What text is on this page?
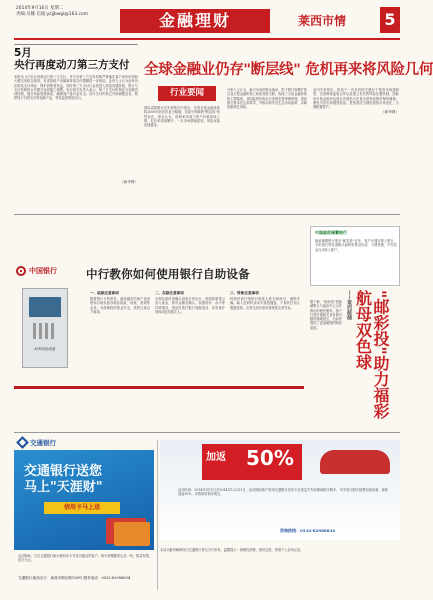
2014年9月16日 星期二
责编:吴娜 信箱:yzjjbwgl@163.com	金融理财	莱西市情 5
5月
央行再度动刀第三方支付
本报讯 5月央行再度动刀第三方支付，责令各第三方支付机构严格落实客户身份识别和大额交易报告制度，对虚拟账户余额和单笔支付限额进一步规范。业内人士认为此举旨在防范支付风险、保护消费者权益，同时第三方支付行业将进入规范发展阶段，银行与支付机构的合作模式也将随之调整。央行相关负责人表示，第三方支付机构应当加强内部控制，健全风险管理体系，确保客户备付金安全。部分支付机构已开始调整业务，暂停线下扫码支付等创新产品，等待监管细则出台。
（新华网）
全球金融业仍存"断层线" 危机再来将风险几何
行业要闻
国际清算银行在年度报告中指出，尽管全球金融体系较2008年危机时更为稳健，但部分领域的"断层线"依然存在。报告认为，低利率环境下资产价格持续上涨，杠杆率再度攀升，一旦市场情绪逆转，风险可能迅速蔓延。
分析人士认为，新兴市场的资本流动、影子银行规模扩张以及大型金融机构之间的高度关联，构成了当前金融体系的主要隐患。各国监管机构正在加强宏观审慎管理，提高银行资本充足率要求，并推动场外衍生品市场改革，以降低系统性风险。
业内专家指出，防范下一次危机的关键在于提高市场透明度、完善跨境监管合作以及建立有效的风险处置机制。国际货币基金组织也建议各国央行在退出宽松政策时保持谨慎，避免引发市场剧烈波动。投资者应当理性看待市场变化，合理配置资产。
（新华网）
中国银行	中行教你如何使用银行自助设备
ATM自助设备
一、取款注意事项
随着银行卡的普及，越来越多的客户选择使用自助设备办理存取款、转账、查询等业务。为保障您的资金安全，请您注意以下事项。
二、存款注意事项
办理存款时请确认设备正常运行，按照屏幕提示放入现金，核对金额后确认。如遇吞钞、吞卡等异常情况，请及时拨打银行客服电话，切勿离开现场或轻信陌生人。
三、转账注意事项
转账时请仔细核对收款人姓名和账号，谨防诈骗。输入密码时请用手遮挡键盘，不要向任何人透露密码。交易完成后请妥善保管交易凭条。
中国邮政储蓄银行
邮政储蓄银行推出"邮彩投"业务，客户可通过网上银行、手机银行等渠道购买福利彩票双色球，方便快捷，中奖奖金自动转入账户。
"邮彩投"助力福彩航母双色球
——莱西邮储
据了解，"邮彩投"是邮储银行与福彩中心合作推出的便民服务，客户只需开通相关业务即可随时随地投注，为彩民提供了更加便捷的购彩渠道。
交通银行
交通银行送您
马上"天涯财"
信用卡马上送
活动期间，凡在交通银行新办理信用卡并成功激活的客户，即可获赠精美礼品一份，数量有限，送完为止。
交通银行莱西支行：莱西市烟台路156号 服务电话：0532-82988834
加返 50%
活动时间：2014年9月1日至2014年12月31日，活动期间客户使用交通银行信用卡在指定汽车经销商刷卡购车，可享受分期手续费加返优惠，最高加返50%，详情请咨询各网点。
咨询热线：0532-82988834
本活动最终解释权归交通银行青岛分行所有。温馨提示：请理性消费，按时还款，珍惜个人信用记录。
